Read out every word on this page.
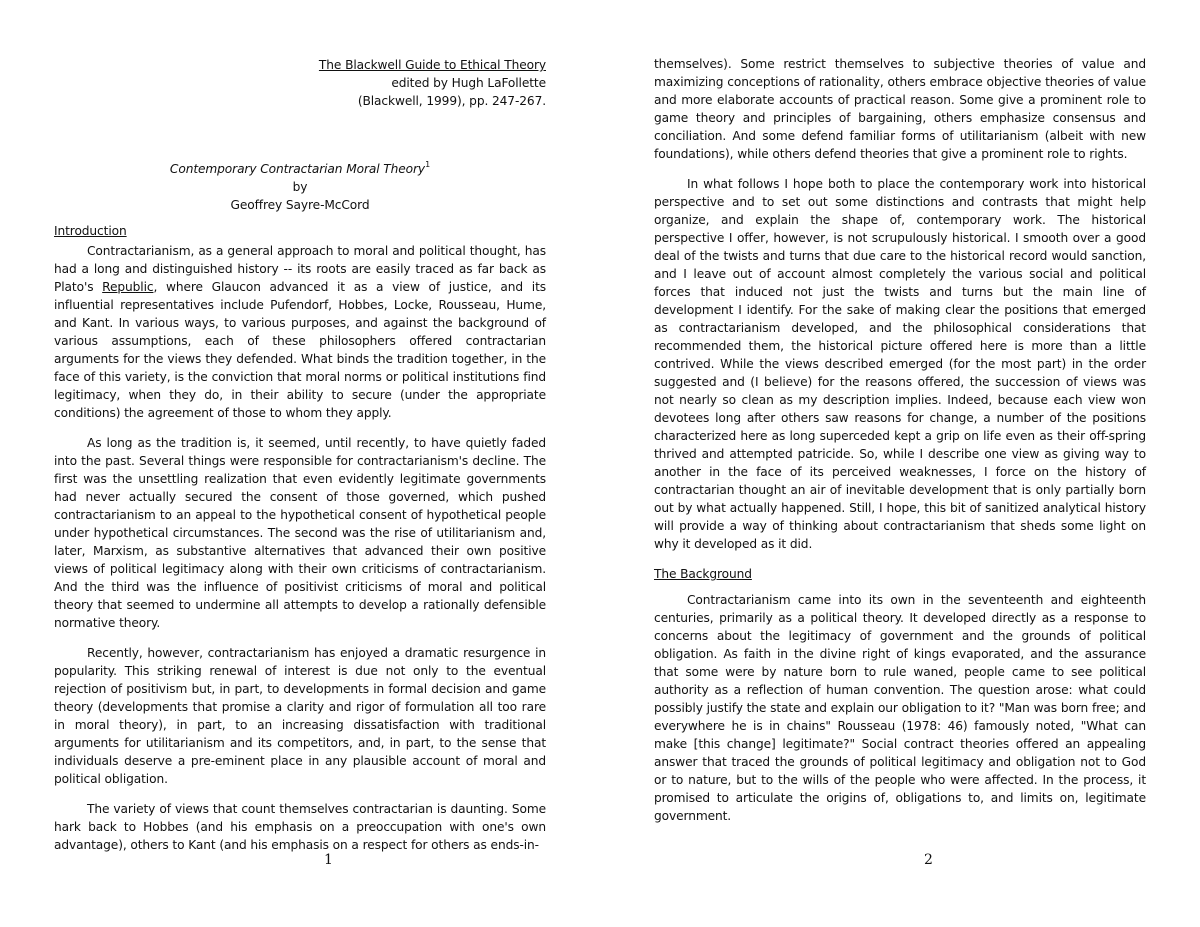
The Blackwell Guide to Ethical Theory
edited by Hugh LaFollette
(Blackwell, 1999), pp. 247-267.
Contemporary Contractarian Moral Theory$^1$
by
Geoffrey Sayre-McCord
Introduction

Contractarianism, as a general approach to moral and political thought, has had a long and distinguished history -- its roots are easily traced as far back as Plato's Republic, where Glaucon advanced it as a view of justice, and its influential representatives include Pufendorf, Hobbes, Locke, Rousseau, Hume, and Kant. In various ways, to various purposes, and against the background of various assumptions, each of these philosophers offered contractarian arguments for the views they defended. What binds the tradition together, in the face of this variety, is the conviction that moral norms or political institutions find legitimacy, when they do, in their ability to secure (under the appropriate conditions) the agreement of those to whom they apply.

As long as the tradition is, it seemed, until recently, to have quietly faded into the past. Several things were responsible for contractarianism's decline. The first was the unsettling realization that even evidently legitimate governments had never actually secured the consent of those governed, which pushed contractarianism to an appeal to the hypothetical consent of hypothetical people under hypothetical circumstances. The second was the rise of utilitarianism and, later, Marxism, as substantive alternatives that advanced their own positive views of political legitimacy along with their own criticisms of contractarianism. And the third was the influence of positivist criticisms of moral and political theory that seemed to undermine all attempts to develop a rationally defensible normative theory.

Recently, however, contractarianism has enjoyed a dramatic resurgence in popularity. This striking renewal of interest is due not only to the eventual rejection of positivism but, in part, to developments in formal decision and game theory (developments that promise a clarity and rigor of formulation all too rare in moral theory), in part, to an increasing dissatisfaction with traditional arguments for utilitarianism and its competitors, and, in part, to the sense that individuals deserve a pre-eminent place in any plausible account of moral and political obligation.

The variety of views that count themselves contractarian is daunting. Some hark back to Hobbes (and his emphasis on a preoccupation with one's own advantage), others to Kant (and his emphasis on a respect for others as ends-in-

themselves). Some restrict themselves to subjective theories of value and maximizing conceptions of rationality, others embrace objective theories of value and more elaborate accounts of practical reason. Some give a prominent role to game theory and principles of bargaining, others emphasize consensus and conciliation. And some defend familiar forms of utilitarianism (albeit with new foundations), while others defend theories that give a prominent role to rights.

In what follows I hope both to place the contemporary work into historical perspective and to set out some distinctions and contrasts that might help organize, and explain the shape of, contemporary work. The historical perspective I offer, however, is not scrupulously historical. I smooth over a good deal of the twists and turns that due care to the historical record would sanction, and I leave out of account almost completely the various social and political forces that induced not just the twists and turns but the main line of development I identify. For the sake of making clear the positions that emerged as contractarianism developed, and the philosophical considerations that recommended them, the historical picture offered here is more than a little contrived. While the views described emerged (for the most part) in the order suggested and (I believe) for the reasons offered, the succession of views was not nearly so clean as my description implies. Indeed, because each view won devotees long after others saw reasons for change, a number of the positions characterized here as long superceded kept a grip on life even as their off-spring thrived and attempted patricide. So, while I describe one view as giving way to another in the face of its perceived weaknesses, I force on the history of contractarian thought an air of inevitable development that is only partially born out by what actually happened. Still, I hope, this bit of sanitized analytical history will provide a way of thinking about contractarianism that sheds some light on why it developed as it did.

The Background

Contractarianism came into its own in the seventeenth and eighteenth centuries, primarily as a political theory. It developed directly as a response to concerns about the legitimacy of government and the grounds of political obligation. As faith in the divine right of kings evaporated, and the assurance that some were by nature born to rule waned, people came to see political authority as a reflection of human convention. The question arose: what could possibly justify the state and explain our obligation to it? "Man was born free; and everywhere he is in chains" Rousseau (1978: 46) famously noted, "What can make [this change] legitimate?" Social contract theories offered an appealing answer that traced the grounds of political legitimacy and obligation not to God or to nature, but to the wills of the people who were affected. In the process, it promised to articulate the origins of, obligations to, and limits on, legitimate government.

1	2
